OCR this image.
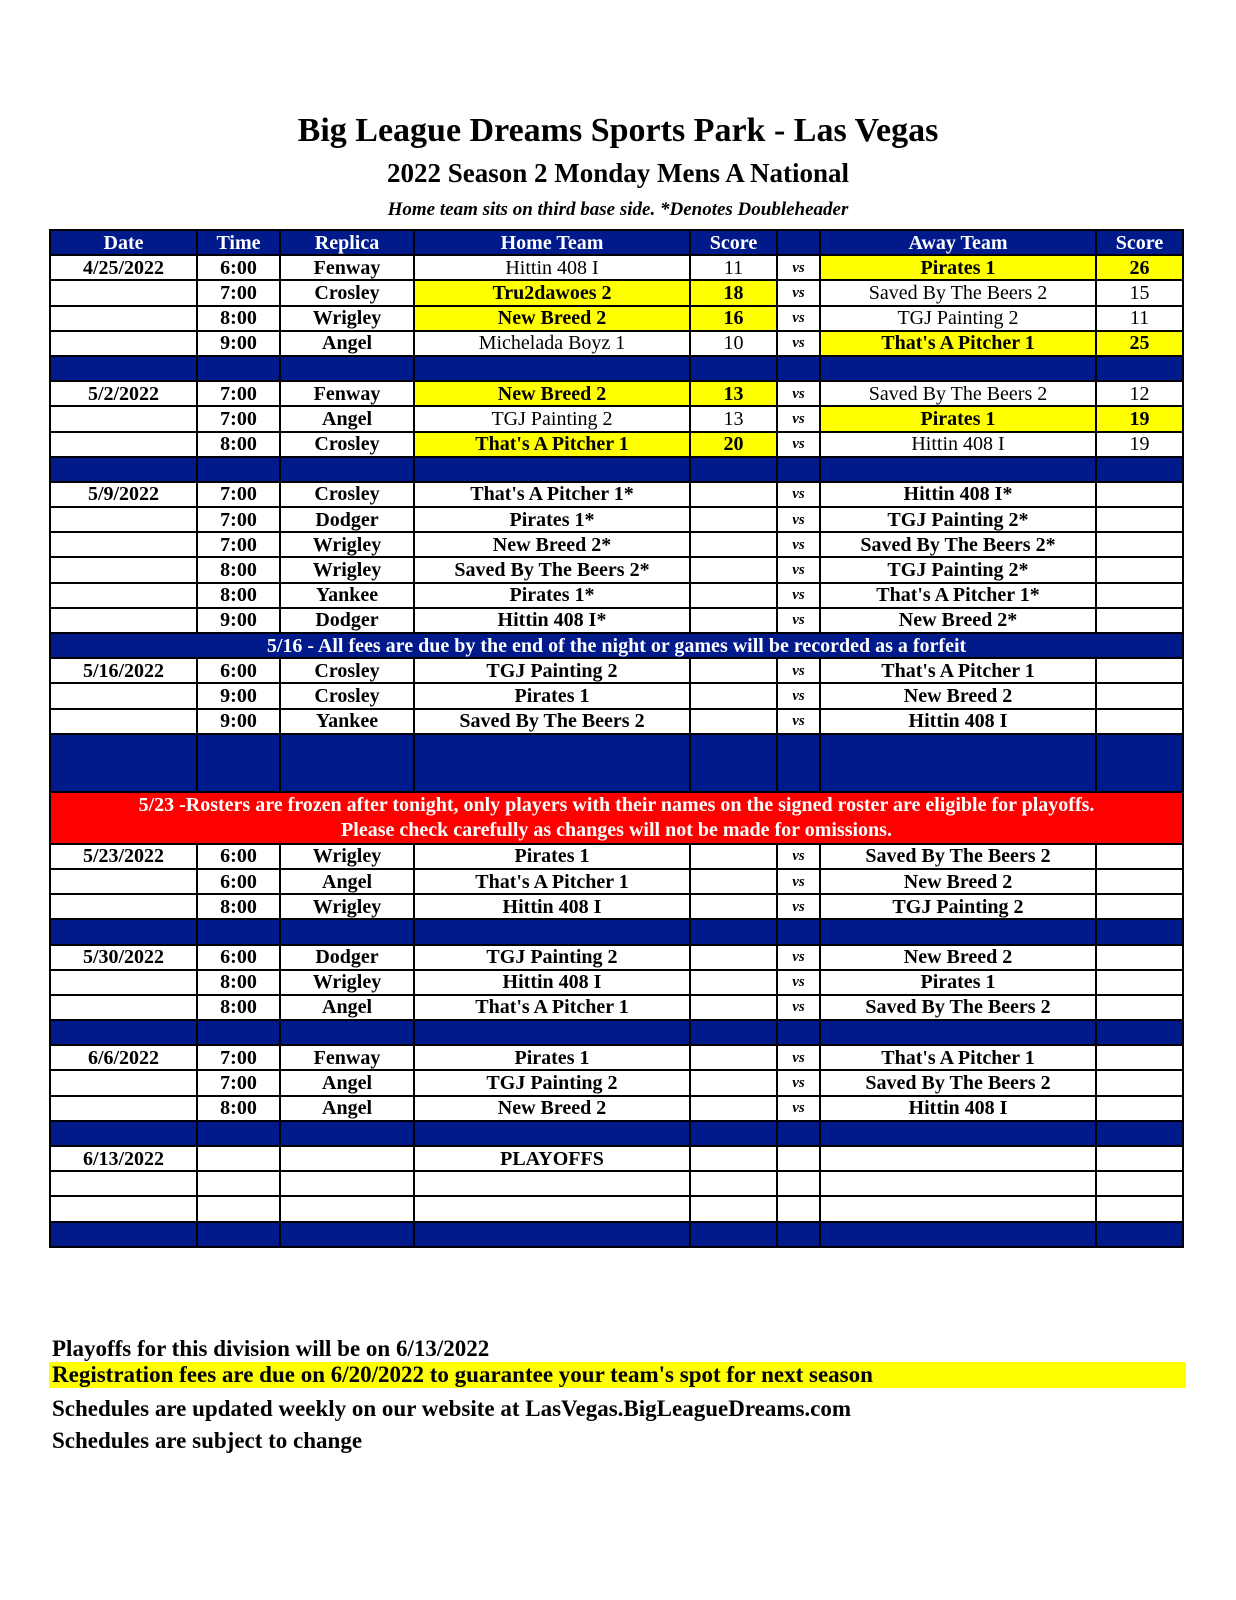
Big League Dreams Sports Park - Las Vegas
2022 Season 2 Monday Mens A National
Home team sits on third base side. *Denotes Doubleheader
Date	Time	Replica	Home Team	Score		Away Team	Score
4/25/2022	6:00	Fenway	Hittin 408 I	11	vs	Pirates 1	26
	7:00	Crosley	Tru2dawoes 2	18	vs	Saved By The Beers 2	15
	8:00	Wrigley	New Breed 2	16	vs	TGJ Painting 2	11
	9:00	Angel	Michelada Boyz 1	10	vs	That's A Pitcher 1	25

5/2/2022	7:00	Fenway	New Breed 2	13	vs	Saved By The Beers 2	12
	7:00	Angel	TGJ Painting 2	13	vs	Pirates 1	19
	8:00	Crosley	That's A Pitcher 1	20	vs	Hittin 408 I	19

5/9/2022	7:00	Crosley	That's A Pitcher 1*		vs	Hittin 408 I*	
	7:00	Dodger	Pirates 1*		vs	TGJ Painting 2*	
	7:00	Wrigley	New Breed 2*		vs	Saved By The Beers 2*	
	8:00	Wrigley	Saved By The Beers 2*		vs	TGJ Painting 2*	
	8:00	Yankee	Pirates 1*		vs	That's A Pitcher 1*	
	9:00	Dodger	Hittin 408 I*		vs	New Breed 2*	
5/16 - All fees are due by the end of the night or games will be recorded as a forfeit							
5/16/2022	6:00	Crosley	TGJ Painting 2		vs	That's A Pitcher 1	
	9:00	Crosley	Pirates 1		vs	New Breed 2	
	9:00	Yankee	Saved By The Beers 2		vs	Hittin 408 I	

5/23 -Rosters are frozen after tonight, only players with their names on the signed roster are eligible for playoffs.
Please check carefully as changes will not be made for omissions.							

5/23/2022	6:00	Wrigley	Pirates 1		vs	Saved By The Beers 2	
	6:00	Angel	That's A Pitcher 1		vs	New Breed 2	
	8:00	Wrigley	Hittin 408 I		vs	TGJ Painting 2	

5/30/2022	6:00	Dodger	TGJ Painting 2		vs	New Breed 2	
	8:00	Wrigley	Hittin 408 I		vs	Pirates 1	
	8:00	Angel	That's A Pitcher 1		vs	Saved By The Beers 2	

6/6/2022	7:00	Fenway	Pirates 1		vs	That's A Pitcher 1	
	7:00	Angel	TGJ Painting 2		vs	Saved By The Beers 2	
	8:00	Angel	New Breed 2		vs	Hittin 408 I	

6/13/2022			PLAYOFFS				

Playoffs for this division will be on 6/13/2022
Registration fees are due on 6/20/2022 to guarantee your team's spot for next season
Schedules are updated weekly on our website at LasVegas.BigLeagueDreams.com
Schedules are subject to change
